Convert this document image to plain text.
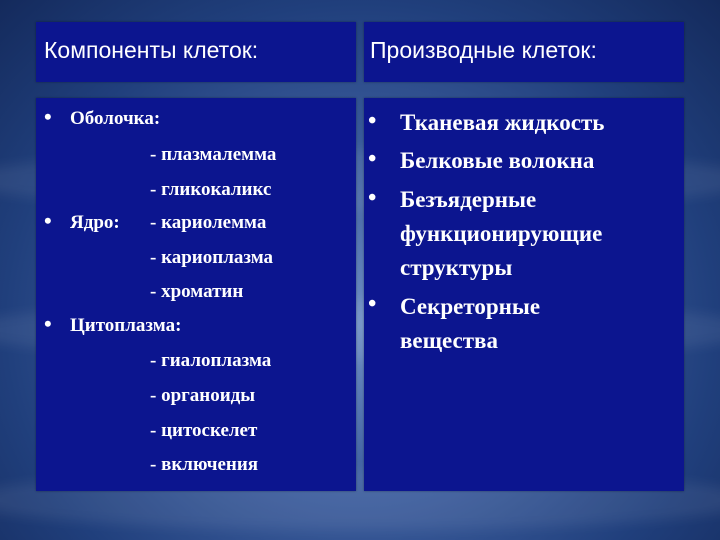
Компоненты клеток:	Производные клеток:
• Оболочка:
- плазмалемма
- гликокаликс
• Ядро: - кариолемма
- кариоплазма
- хроматин
• Цитоплазма:
- гиалоплазма
- органоиды
- цитоскелет
- включения
• Тканевая жидкость
• Белковые волокна
• Безъядерные
функционирующие
структуры
• Секреторные
вещества
